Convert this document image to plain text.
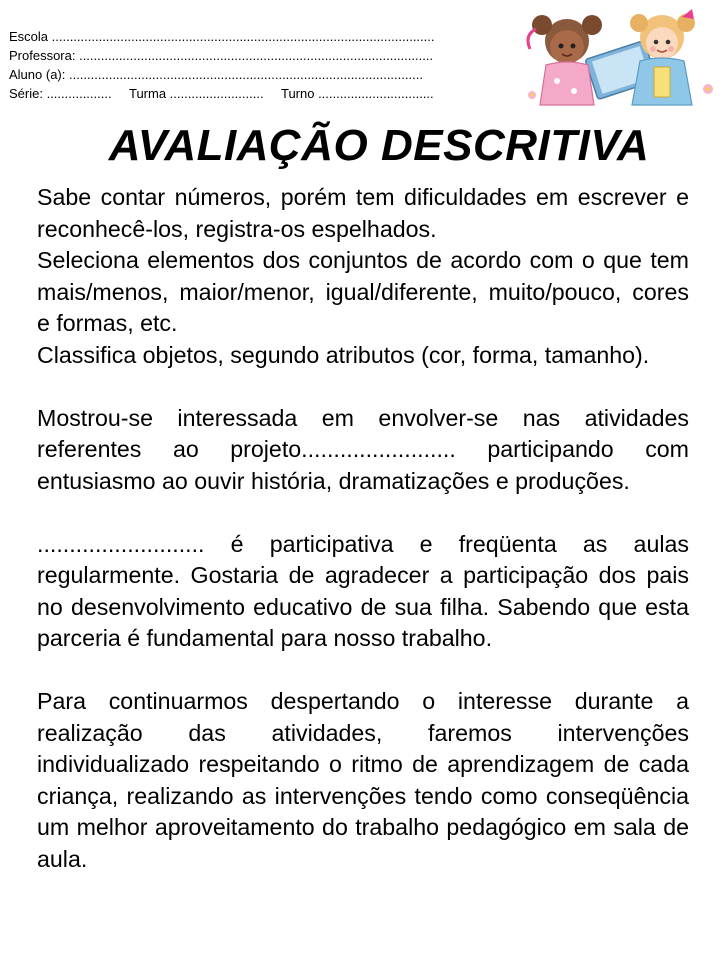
Escola ..........................................................................................................
Professora: ..................................................................................................
Aluno (a): ..................................................................................................
Série: .................. Turma .......................... Turno ................................
AVALIAÇÃO DESCRITIVA

Sabe contar números, porém tem dificuldades em escrever e reconhecê-los, registra-os espelhados.

Seleciona elementos dos conjuntos de acordo com o que tem mais/menos, maior/menor, igual/diferente, muito/pouco, cores e formas, etc.

Classifica objetos, segundo atributos (cor, forma, tamanho).

Mostrou-se interessada em envolver-se nas atividades referentes ao projeto........................ participando com entusiasmo ao ouvir história, dramatizações e produções.

.......................... é participativa e freqüenta as aulas regularmente. Gostaria de agradecer a participação dos pais no desenvolvimento educativo de sua filha. Sabendo que esta parceria é fundamental para nosso trabalho.

Para continuarmos despertando o interesse durante a realização das atividades, faremos intervenções individualizado respeitando o ritmo de aprendizagem de cada criança, realizando as intervenções tendo como conseqüência um melhor aproveitamento do trabalho pedagógico em sala de aula.
